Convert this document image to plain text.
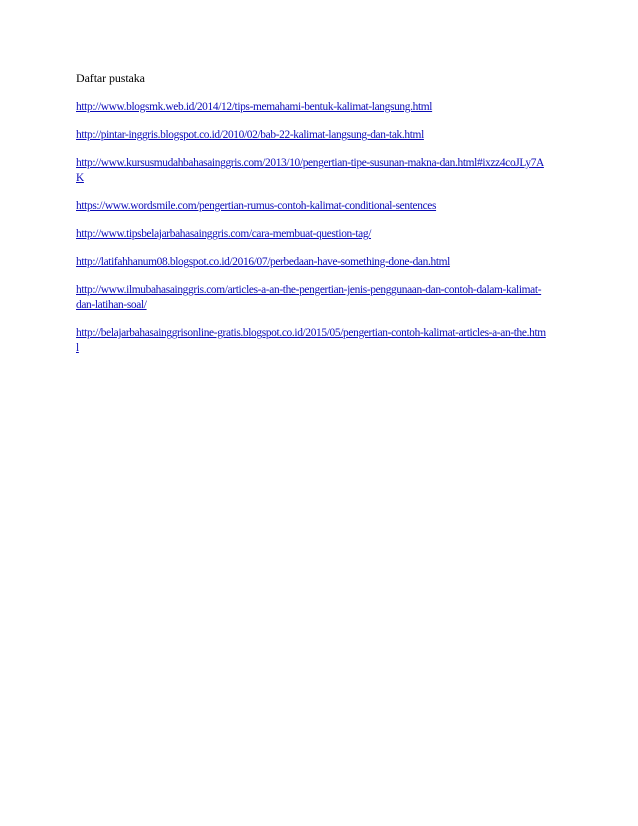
Daftar pustaka
http://www.blogsmk.web.id/2014/12/tips-memahami-bentuk-kalimat-langsung.html
http://pintar-inggris.blogspot.co.id/2010/02/bab-22-kalimat-langsung-dan-tak.html
http://www.kursusmudahbahasainggris.com/2013/10/pengertian-tipe-susunan-makna-dan.html#ixzz4coJLy7AK
https://www.wordsmile.com/pengertian-rumus-contoh-kalimat-conditional-sentences
http://www.tipsbelajarbahasainggris.com/cara-membuat-question-tag/
http://latifahhanum08.blogspot.co.id/2016/07/perbedaan-have-something-done-dan.html
http://www.ilmubahasainggris.com/articles-a-an-the-pengertian-jenis-penggunaan-dan-contoh-dalam-kalimat-dan-latihan-soal/
http://belajarbahasainggrisonline-gratis.blogspot.co.id/2015/05/pengertian-contoh-kalimat-articles-a-an-the.html
